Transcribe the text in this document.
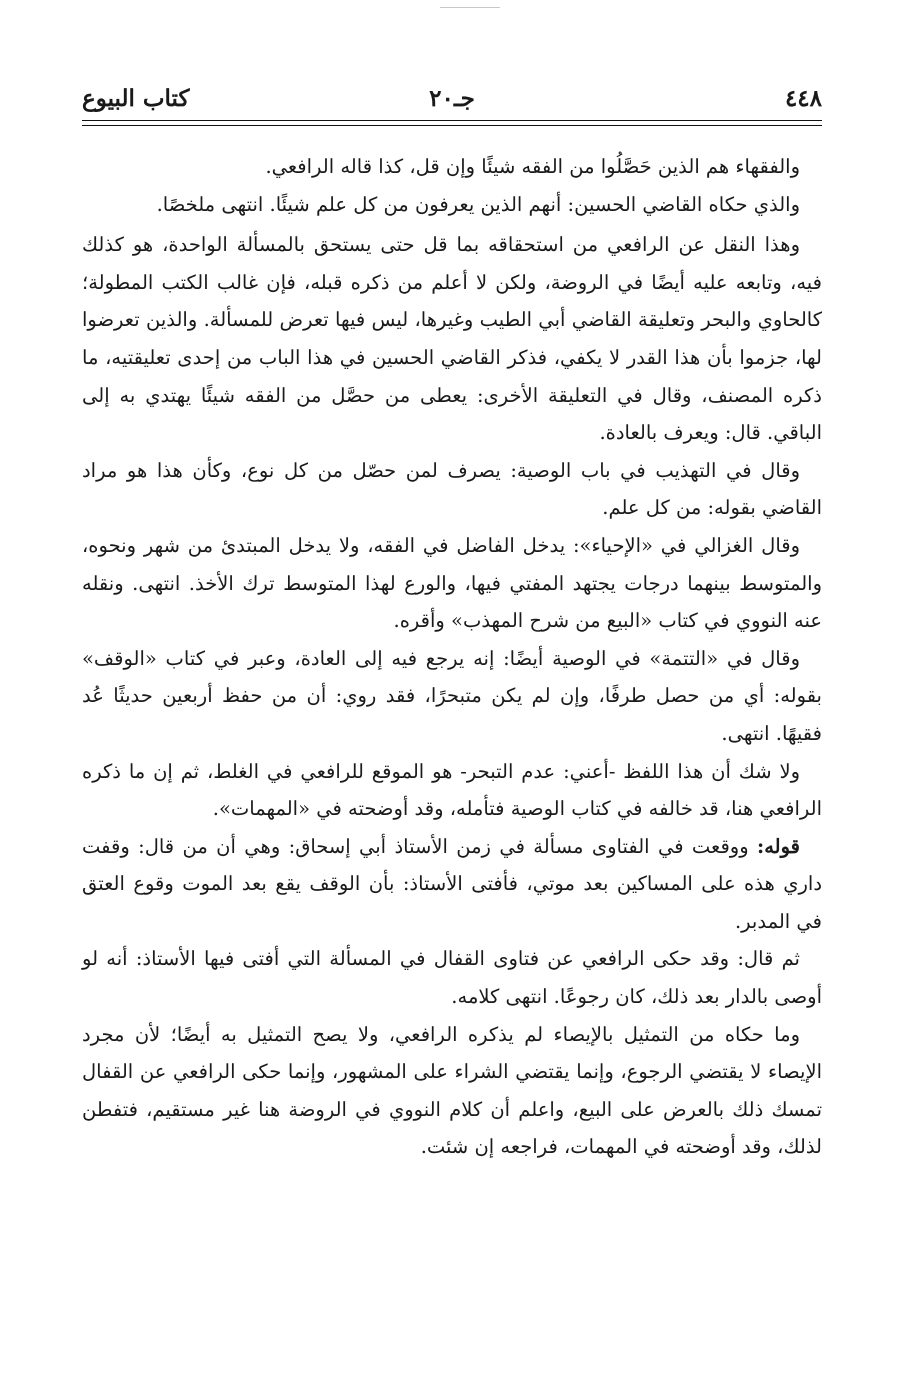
٤٤٨
جـ٢٠
كتاب البيوع

والفقهاء هم الذين حَصَّلُوا من الفقه شيئًا وإن قل، كذا قاله الرافعي.

والذي حكاه القاضي الحسين: أنهم الذين يعرفون من كل علم شيئًا. انتهى ملخصًا.

وهذا النقل عن الرافعي من استحقاقه بما قل حتى يستحق بالمسألة الواحدة، هو كذلك فيه، وتابعه عليه أيضًا في الروضة، ولكن لا أعلم من ذكره قبله، فإن غالب الكتب المطولة؛ كالحاوي والبحر وتعليقة القاضي أبي الطيب وغيرها، ليس فيها تعرض للمسألة. والذين تعرضوا لها، جزموا بأن هذا القدر لا يكفي، فذكر القاضي الحسين في هذا الباب من إحدى تعليقتيه، ما ذكره المصنف، وقال في التعليقة الأخرى: يعطى من حصَّل من الفقه شيئًا يهتدي به إلى الباقي. قال: ويعرف بالعادة.

وقال في التهذيب في باب الوصية: يصرف لمن حصّل من كل نوع، وكأن هذا هو مراد القاضي بقوله: من كل علم.

وقال الغزالي في «الإحياء»: يدخل الفاضل في الفقه، ولا يدخل المبتدئ من شهر ونحوه، والمتوسط بينهما درجات يجتهد المفتي فيها، والورع لهذا المتوسط ترك الأخذ. انتهى. ونقله عنه النووي في كتاب «البيع من شرح المهذب» وأقره.

وقال في «التتمة» في الوصية أيضًا: إنه يرجع فيه إلى العادة، وعبر في كتاب «الوقف» بقوله: أي من حصل طرفًا، وإن لم يكن متبحرًا، فقد روي: أن من حفظ أربعين حديثًا عُد فقيهًا. انتهى.

ولا شك أن هذا اللفظ -أعني: عدم التبحر- هو الموقع للرافعي في الغلط، ثم إن ما ذكره الرافعي هنا، قد خالفه في كتاب الوصية فتأمله، وقد أوضحته في «المهمات».

قوله: ووقعت في الفتاوى مسألة في زمن الأستاذ أبي إسحاق: وهي أن من قال: وقفت داري هذه على المساكين بعد موتي، فأفتى الأستاذ: بأن الوقف يقع بعد الموت وقوع العتق في المدبر.

ثم قال: وقد حكى الرافعي عن فتاوى القفال في المسألة التي أفتى فيها الأستاذ: أنه لو أوصى بالدار بعد ذلك، كان رجوعًا. انتهى كلامه.

وما حكاه من التمثيل بالإيصاء لم يذكره الرافعي، ولا يصح التمثيل به أيضًا؛ لأن مجرد الإيصاء لا يقتضي الرجوع، وإنما يقتضي الشراء على المشهور، وإنما حكى الرافعي عن القفال تمسك ذلك بالعرض على البيع، واعلم أن كلام النووي في الروضة هنا غير مستقيم، فتفطن لذلك، وقد أوضحته في المهمات، فراجعه إن شئت.
